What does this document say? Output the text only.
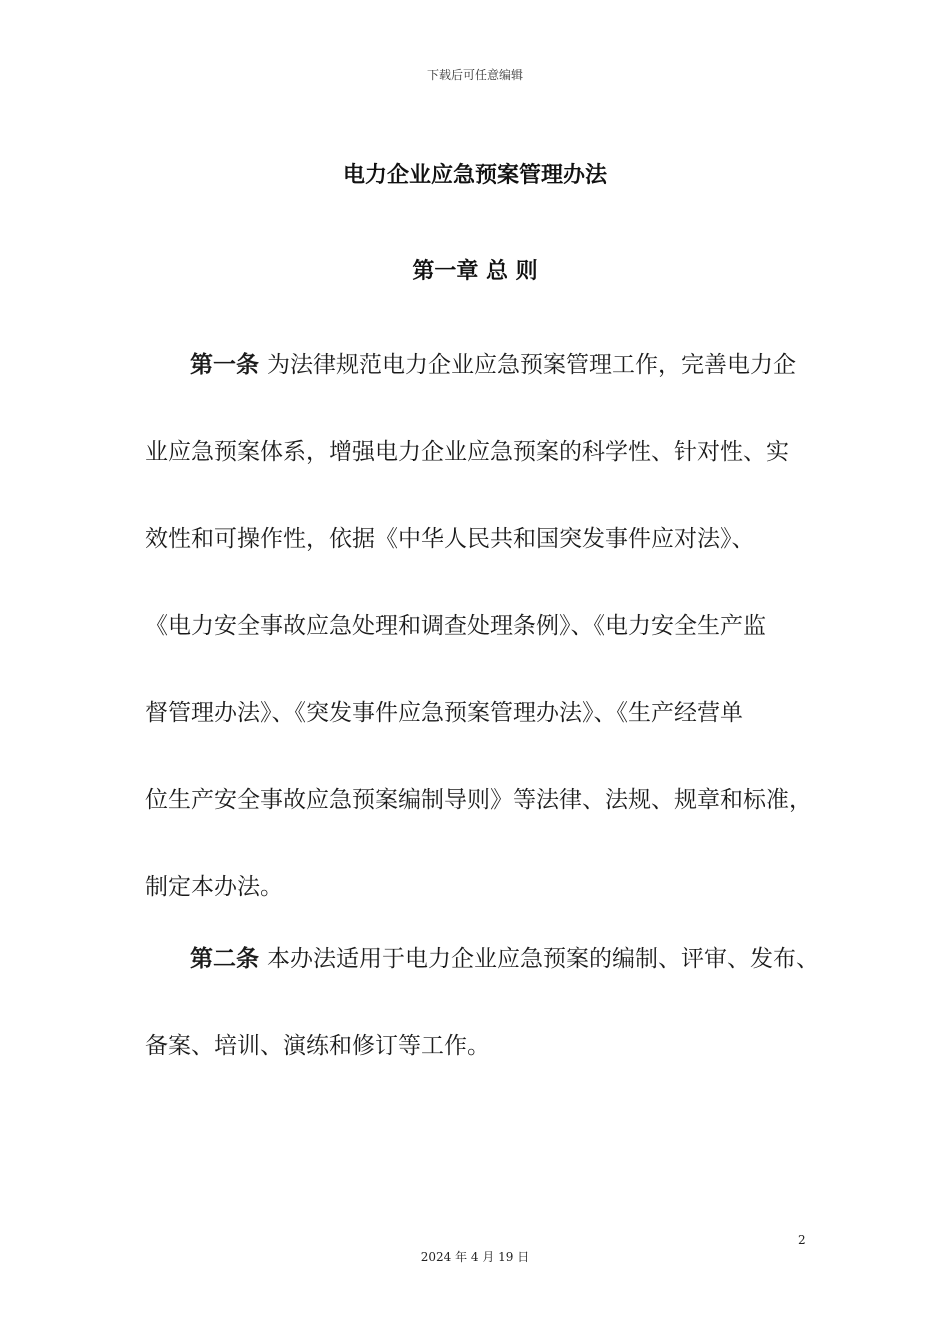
下载后可任意编辑
电力企业应急预案管理办法
第一章 总 则
第一条 为法律规范电力企业应急预案管理工作，完善电力企
业应急预案体系，增强电力企业应急预案的科学性、针对性、实
效性和可操作性，依据《中华人民共和国突发事件应对法》、
《电力安全事故应急处理和调查处理条例》、《电力安全生产监
督管理办法》、《突发事件应急预案管理办法》、《生产经营单
位生产安全事故应急预案编制导则》等法律、法规、规章和标准，
制定本办法。
第二条 本办法适用于电力企业应急预案的编制、评审、发布、
备案、培训、演练和修订等工作。
2
2024 年 4 月 19 日
